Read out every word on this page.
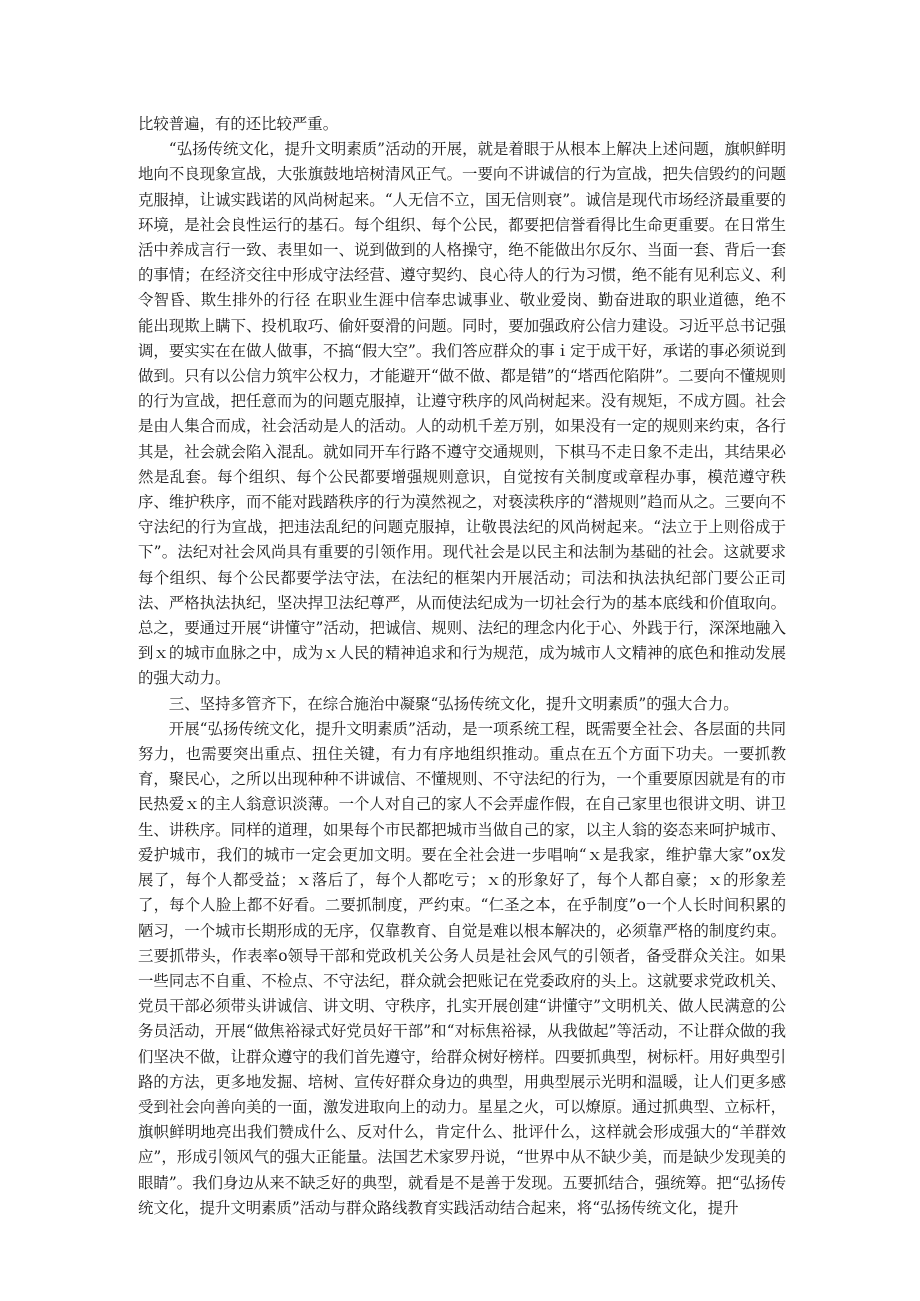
比较普遍，有的还比较严重。

“弘扬传统文化，提升文明素质”活动的开展，就是着眼于从根本上解决上述问题，旗帜鲜明地向不良现象宣战，大张旗鼓地培树清风正气。一要向不讲诚信的行为宣战，把失信毁约的问题克服掉，让诚实践诺的风尚树起来。“人无信不立，国无信则衰”。诚信是现代市场经济最重要的环境，是社会良性运行的基石。每个组织、每个公民，都要把信誉看得比生命更重要。在日常生活中养成言行一致、表里如一、说到做到的人格操守，绝不能做出尔反尔、当面一套、背后一套的事情；在经济交往中形成守法经营、遵守契约、良心待人的行为习惯，绝不能有见利忘义、利令智昏、欺生排外的行径 在职业生涯中信奉忠诚事业、敬业爱岗、勤奋进取的职业道德，绝不能出现欺上瞒下、投机取巧、偷奸耍滑的问题。同时，要加强政府公信力建设。习近平总书记强调，要实实在在做人做事，不搞“假大空”。我们答应群众的事ｉ定于成干好，承诺的事必须说到做到。只有以公信力筑牢公权力，才能避开“做不做、都是错”的“塔西佗陷阱”。二要向不懂规则的行为宣战，把任意而为的问题克服掉，让遵守秩序的风尚树起来。没有规矩，不成方圆。社会是由人集合而成，社会活动是人的活动。人的动机千差万别，如果没有一定的规则来约束，各行其是，社会就会陷入混乱。就如同开车行路不遵守交通规则，下棋马不走日象不走出，其结果必然是乱套。每个组织、每个公民都要增强规则意识，自觉按有关制度或章程办事，模范遵守秩序、维护秩序，而不能对践踏秩序的行为漠然视之，对亵渎秩序的“潜规则”趋而从之。三要向不守法纪的行为宣战，把违法乱纪的问题克服掉，让敬畏法纪的风尚树起来。“法立于上则俗成于下”。法纪对社会风尚具有重要的引领作用。现代社会是以民主和法制为基础的社会。这就要求每个组织、每个公民都要学法守法，在法纪的框架内开展活动；司法和执法执纪部门要公正司法、严格执法执纪，坚决捍卫法纪尊严，从而使法纪成为一切社会行为的基本底线和价值取向。总之，要通过开展“讲懂守”活动，把诚信、规则、法纪的理念内化于心、外践于行，深深地融入到ｘ的城市血脉之中，成为ｘ人民的精神追求和行为规范，成为城市人文精神的底色和推动发展的强大动力。

三、坚持多管齐下，在综合施治中凝聚“弘扬传统文化，提升文明素质”的强大合力。

开展“弘扬传统文化，提升文明素质”活动，是一项系统工程，既需要全社会、各层面的共同努力，也需要突出重点、扭住关键，有力有序地组织推动。重点在五个方面下功夫。一要抓教育，聚民心，之所以出现种种不讲诚信、不懂规则、不守法纪的行为，一个重要原因就是有的市民热爱ｘ的主人翁意识淡薄。一个人对自己的家人不会弄虚作假，在自己家里也很讲文明、讲卫生、讲秩序。同样的道理，如果每个市民都把城市当做自己的家，以主人翁的姿态来呵护城市、爱护城市，我们的城市一定会更加文明。要在全社会进一步唱响“ｘ是我家，维护靠大家”ox发展了，每个人都受益；ｘ落后了，每个人都吃亏；ｘ的形象好了，每个人都自豪；ｘ的形象差了，每个人脸上都不好看。二要抓制度，严约束。“仁圣之本，在乎制度”o一个人长时间积累的陋习，一个城市长期形成的无序，仅靠教育、自觉是难以根本解决的，必须靠严格的制度约束。三要抓带头，作表率o领导干部和党政机关公务人员是社会风气的引领者，备受群众关注。如果一些同志不自重、不检点、不守法纪，群众就会把账记在党委政府的头上。这就要求党政机关、党员干部必须带头讲诚信、讲文明、守秩序，扎实开展创建“讲懂守”文明机关、做人民满意的公务员活动，开展“做焦裕禄式好党员好干部”和“对标焦裕禄，从我做起”等活动，不让群众做的我们坚决不做，让群众遵守的我们首先遵守，给群众树好榜样。四要抓典型，树标杆。用好典型引路的方法，更多地发掘、培树、宣传好群众身边的典型，用典型展示光明和温暖，让人们更多感受到社会向善向美的一面，激发进取向上的动力。星星之火，可以燎原。通过抓典型、立标杆，旗帜鲜明地亮出我们赞成什么、反对什么，肯定什么、批评什么，这样就会形成强大的“羊群效应”，形成引领风气的强大正能量。法国艺术家罗丹说，“世界中从不缺少美，而是缺少发现美的眼睛”。我们身边从来不缺乏好的典型，就看是不是善于发现。五要抓结合，强统筹。把“弘扬传统文化，提升文明素质”活动与群众路线教育实践活动结合起来，将“弘扬传统文化，提升
